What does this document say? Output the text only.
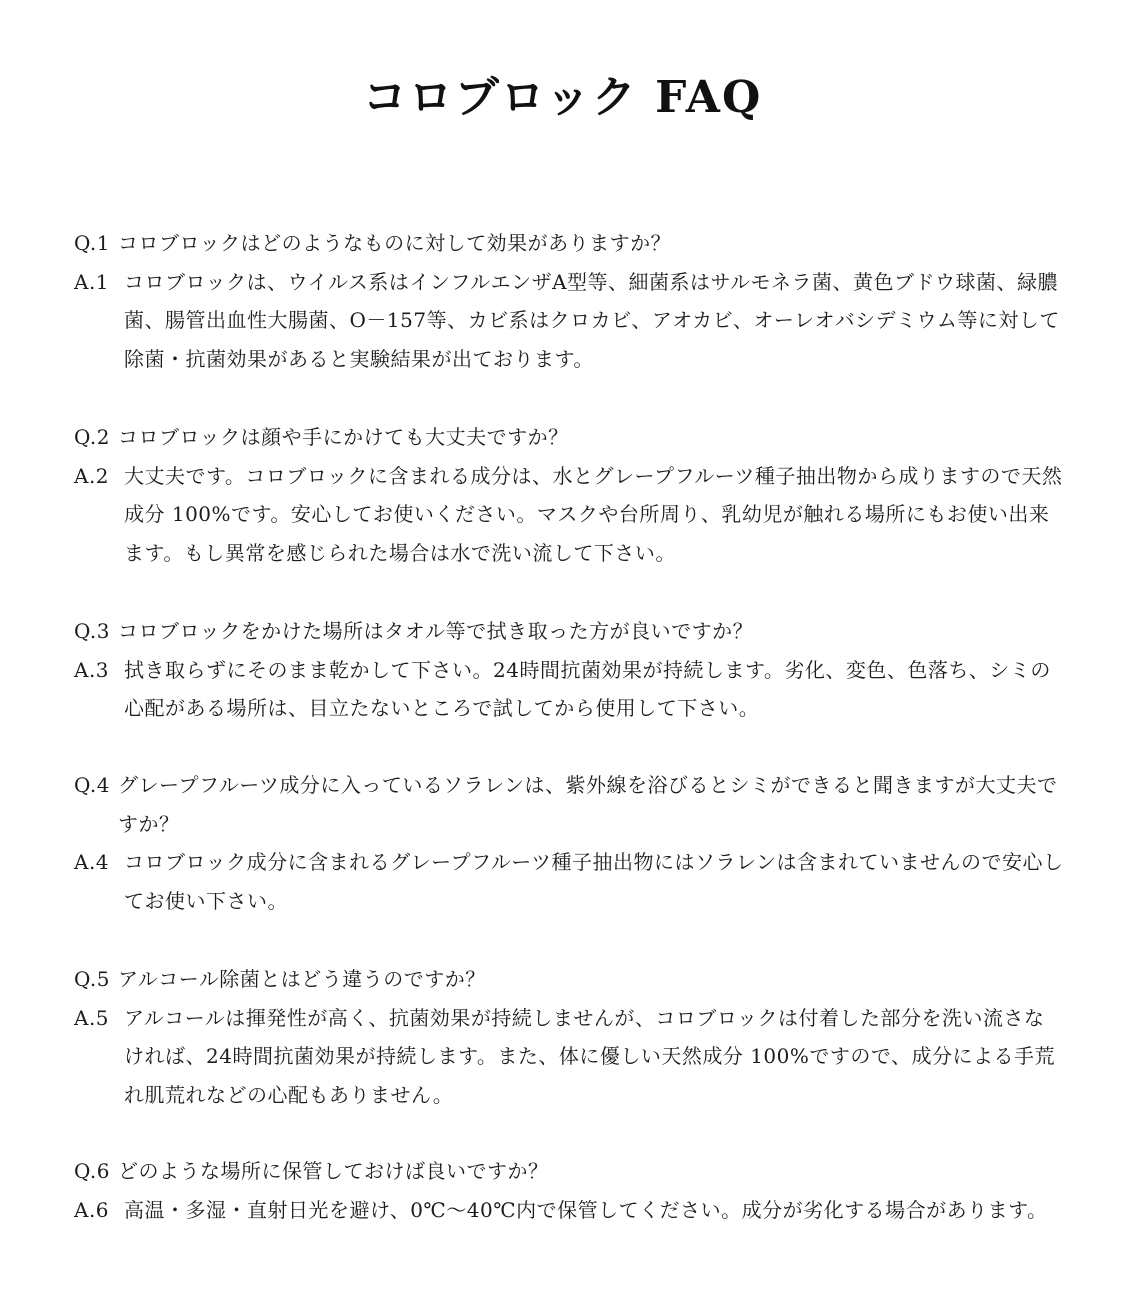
コロブロック FAQ
Q.1 コロブロックはどのようなものに対して効果がありますか？
A.1 コロブロックは、ウイルス系はインフルエンザA型等、細菌系はサルモネラ菌、黄色ブドウ球菌、緑膿菌、腸管出血性大腸菌、O－157等、カビ系はクロカビ、アオカビ、オーレオバシデミウム等に対して除菌・抗菌効果があると実験結果が出ております。
Q.2 コロブロックは顔や手にかけても大丈夫ですか？
A.2 大丈夫です。コロブロックに含まれる成分は、水とグレープフルーツ種子抽出物から成りますので天然成分 100%です。安心してお使いください。マスクや台所周り、乳幼児が触れる場所にもお使い出来ます。もし異常を感じられた場合は水で洗い流して下さい。
Q.3 コロブロックをかけた場所はタオル等で拭き取った方が良いですか？
A.3 拭き取らずにそのまま乾かして下さい。24時間抗菌効果が持続します。劣化、変色、色落ち、シミの心配がある場所は、目立たないところで試してから使用して下さい。
Q.4 グレープフルーツ成分に入っているソラレンは、紫外線を浴びるとシミができると聞きますが大丈夫ですか？
A.4 コロブロック成分に含まれるグレープフルーツ種子抽出物にはソラレンは含まれていませんので安心してお使い下さい。
Q.5 アルコール除菌とはどう違うのですか？
A.5 アルコールは揮発性が高く、抗菌効果が持続しませんが、コロブロックは付着した部分を洗い流さなければ、24時間抗菌効果が持続します。また、体に優しい天然成分 100%ですので、成分による手荒れ肌荒れなどの心配もありません。
Q.6 どのような場所に保管しておけば良いですか？
A.6 高温・多湿・直射日光を避け、0℃～40℃内で保管してください。成分が劣化する場合があります。
